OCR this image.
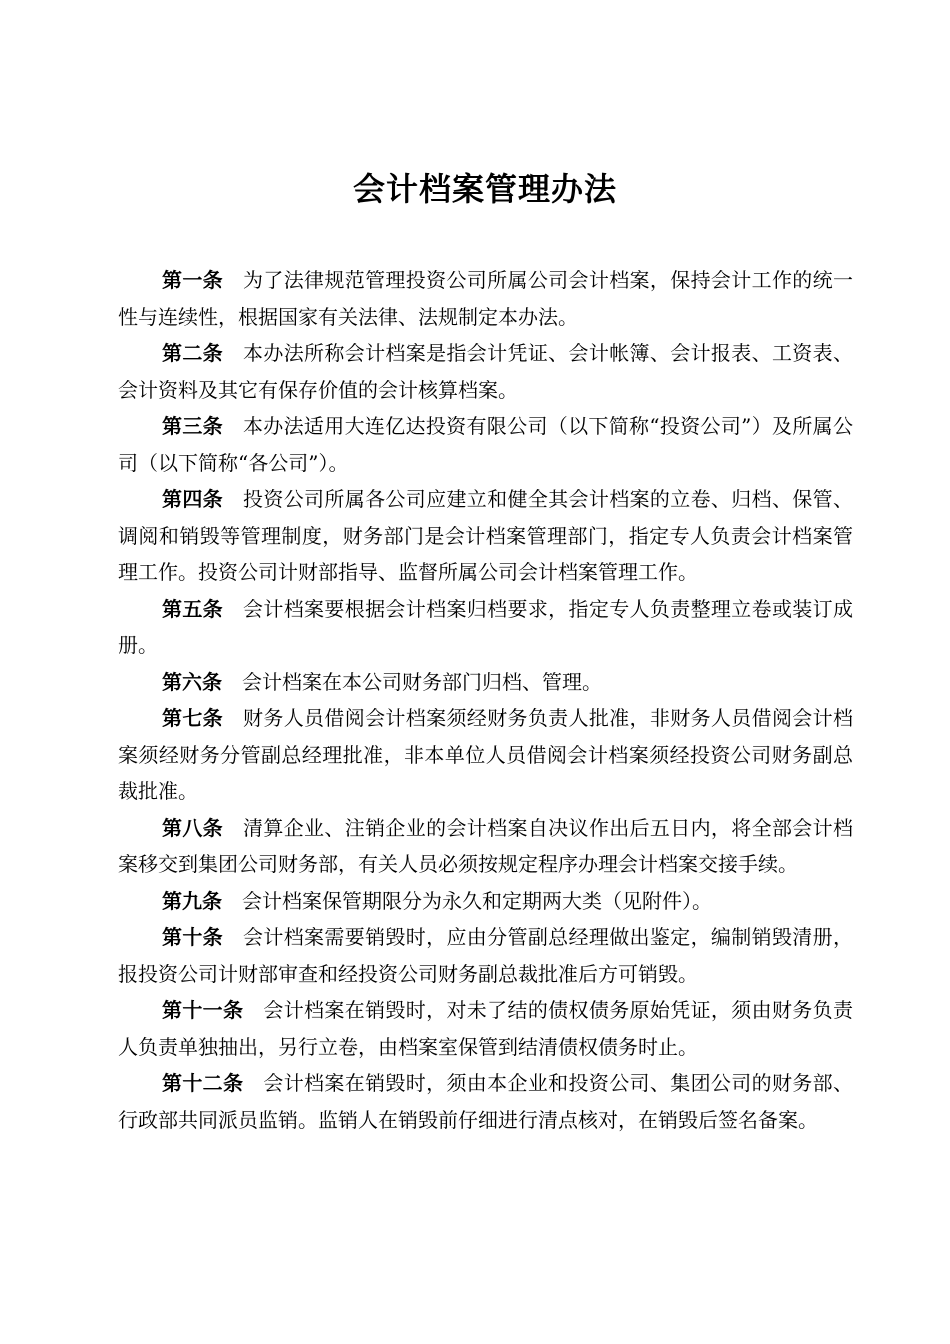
会计档案管理办法

第一条 为了法律规范管理投资公司所属公司会计档案，保持会计工作的统一性与连续性，根据国家有关法律、法规制定本办法。

第二条 本办法所称会计档案是指会计凭证、会计帐簿、会计报表、工资表、会计资料及其它有保存价值的会计核算档案。

第三条 本办法适用大连亿达投资有限公司（以下简称“投资公司”）及所属公司（以下简称“各公司”）。

第四条 投资公司所属各公司应建立和健全其会计档案的立卷、归档、保管、调阅和销毁等管理制度，财务部门是会计档案管理部门，指定专人负责会计档案管理工作。投资公司计财部指导、监督所属公司会计档案管理工作。

第五条 会计档案要根据会计档案归档要求，指定专人负责整理立卷或装订成册。

第六条 会计档案在本公司财务部门归档、管理。

第七条 财务人员借阅会计档案须经财务负责人批准，非财务人员借阅会计档案须经财务分管副总经理批准，非本单位人员借阅会计档案须经投资公司财务副总裁批准。

第八条 清算企业、注销企业的会计档案自决议作出后五日内，将全部会计档案移交到集团公司财务部，有关人员必须按规定程序办理会计档案交接手续。

第九条 会计档案保管期限分为永久和定期两大类（见附件）。

第十条 会计档案需要销毁时，应由分管副总经理做出鉴定，编制销毁清册，报投资公司计财部审查和经投资公司财务副总裁批准后方可销毁。

第十一条 会计档案在销毁时，对未了结的债权债务原始凭证，须由财务负责人负责单独抽出，另行立卷，由档案室保管到结清债权债务时止。

第十二条 会计档案在销毁时，须由本企业和投资公司、集团公司的财务部、行政部共同派员监销。监销人在销毁前仔细进行清点核对，在销毁后签名备案。
